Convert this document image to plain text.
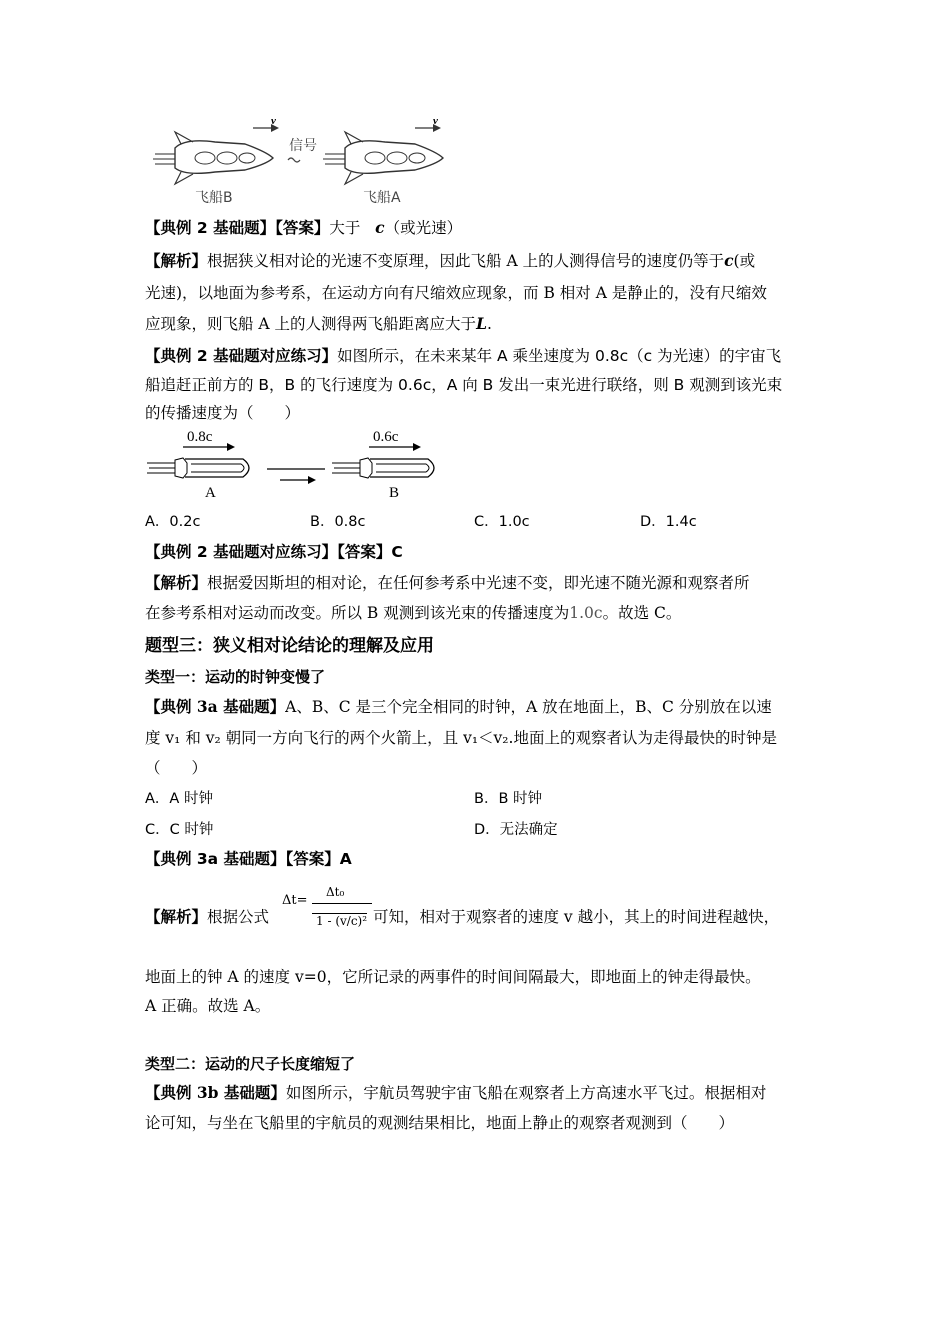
v
信号
v
飞船B	飞船A
【典例 2 基础题】【答案】大于 c（或光速）
【解析】根据狭义相对论的光速不变原理，因此飞船 A 上的人测得信号的速度仍等于c(或
光速)，以地面为参考系，在运动方向有尺缩效应现象，而 B 相对 A 是静止的，没有尺缩效
应现象，则飞船 A 上的人测得两飞船距离应大于L.
【典例 2 基础题对应练习】如图所示，在未来某年 A 乘坐速度为 0.8c（c 为光速）的宇宙飞
船追赶正前方的 B，B 的飞行速度为 0.6c，A 向 B 发出一束光进行联络，则 B 观测到该光束
的传播速度为（　　）
0.8c
A
0.6c
B
A．0.2c	B．0.8c	C．1.0c	D．1.4c
【典例 2 基础题对应练习】【答案】C
【解析】根据爱因斯坦的相对论，在任何参考系中光速不变，即光速不随光源和观察者所
在参考系相对运动而改变。所以 B 观测到该光束的传播速度为1.0c。故选 C。
题型三：狭义相对论结论的理解及应用
类型一：运动的时钟变慢了
【典例 3a 基础题】A、B、C 是三个完全相同的时钟，A 放在地面上，B、C 分别放在以速
度 v₁ 和 v₂ 朝同一方向飞行的两个火箭上，且 v₁＜v₂.地面上的观察者认为走得最快的时钟是
（　　）
A．A 时钟	B．B 时钟
C．C 时钟	D．无法确定
【典例 3a 基础题】【答案】A
【解析】根据公式
Δt=
Δt₀
1 - (v/c)² 可知，相对于观察者的速度 v 越小，其上的时间进程越快，
地面上的钟 A 的速度 v=0，它所记录的两事件的时间间隔最大，即地面上的钟走得最快。
A 正确。故选 A。
类型二：运动的尺子长度缩短了
【典例 3b 基础题】如图所示，宇航员驾驶宇宙飞船在观察者上方高速水平飞过。根据相对
论可知，与坐在飞船里的宇航员的观测结果相比，地面上静止的观察者观测到（　　）
